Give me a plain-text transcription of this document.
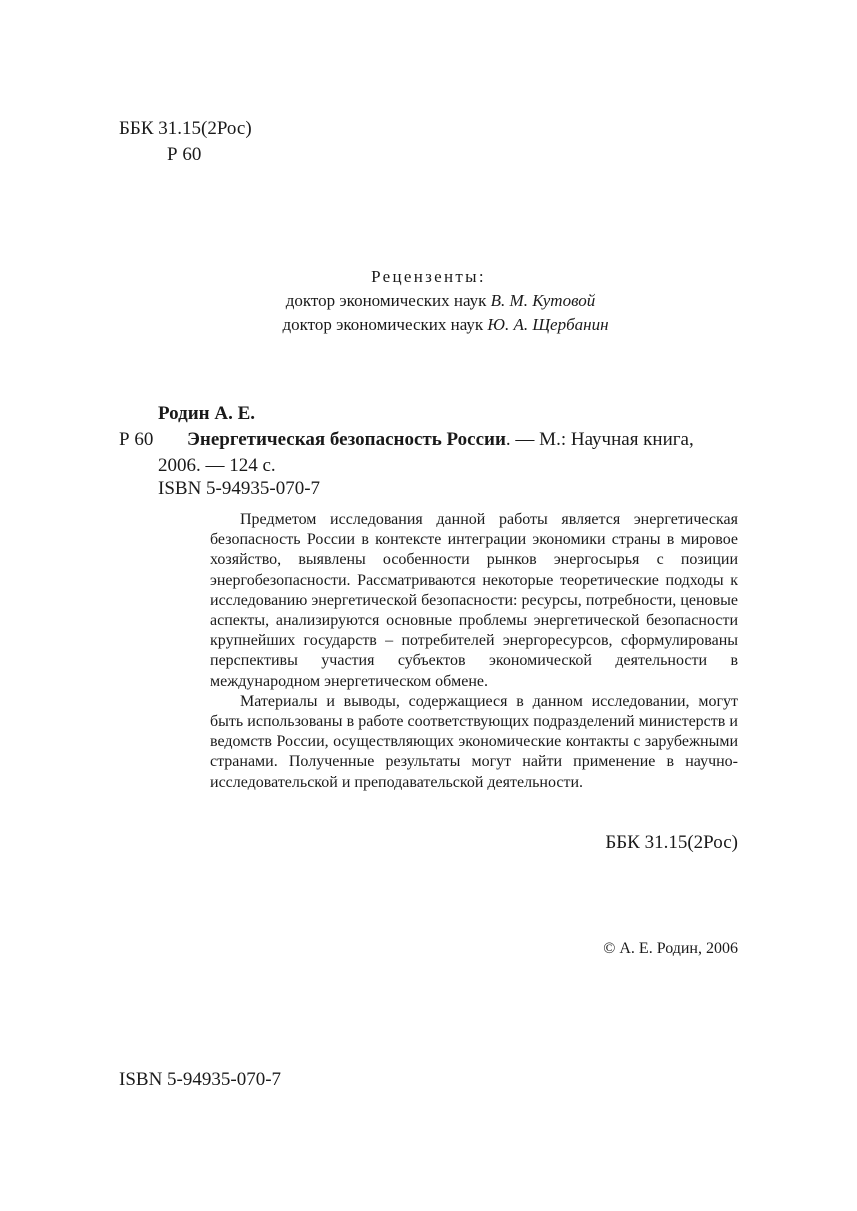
ББК 31.15(2Рос)
Р 60
Рецензенты:
доктор экономических наук В. М. Кутовой
доктор экономических наук Ю. А. Щербанин
Родин А. Е.
Р 60 Энергетическая безопасность России. — М.: Научная книга,
2006. — 124 с.
ISBN 5-94935-070-7

Предметом исследования данной работы является энергетическая безопасность России в контексте интеграции экономики страны в мировое хозяйство, выявлены особенности рынков энергосырья с позиции энергобезопасности. Рассматриваются некоторые теоретические подходы к исследованию энергетической безопасности: ресурсы, потребности, ценовые аспекты, анализируются основные проблемы энергетической безопасности крупнейших государств – потребителей энергоресурсов, сформулированы перспективы участия субъектов экономической деятельности в международном энергетическом обмене.

Материалы и выводы, содержащиеся в данном исследовании, могут быть использованы в работе соответствующих подразделений министерств и ведомств России, осуществляющих экономические контакты с зарубежными странами. Полученные результаты могут найти применение в научно-исследовательской и преподавательской деятельности.

ББК 31.15(2Рос)
© А. Е. Родин, 2006
ISBN 5-94935-070-7
